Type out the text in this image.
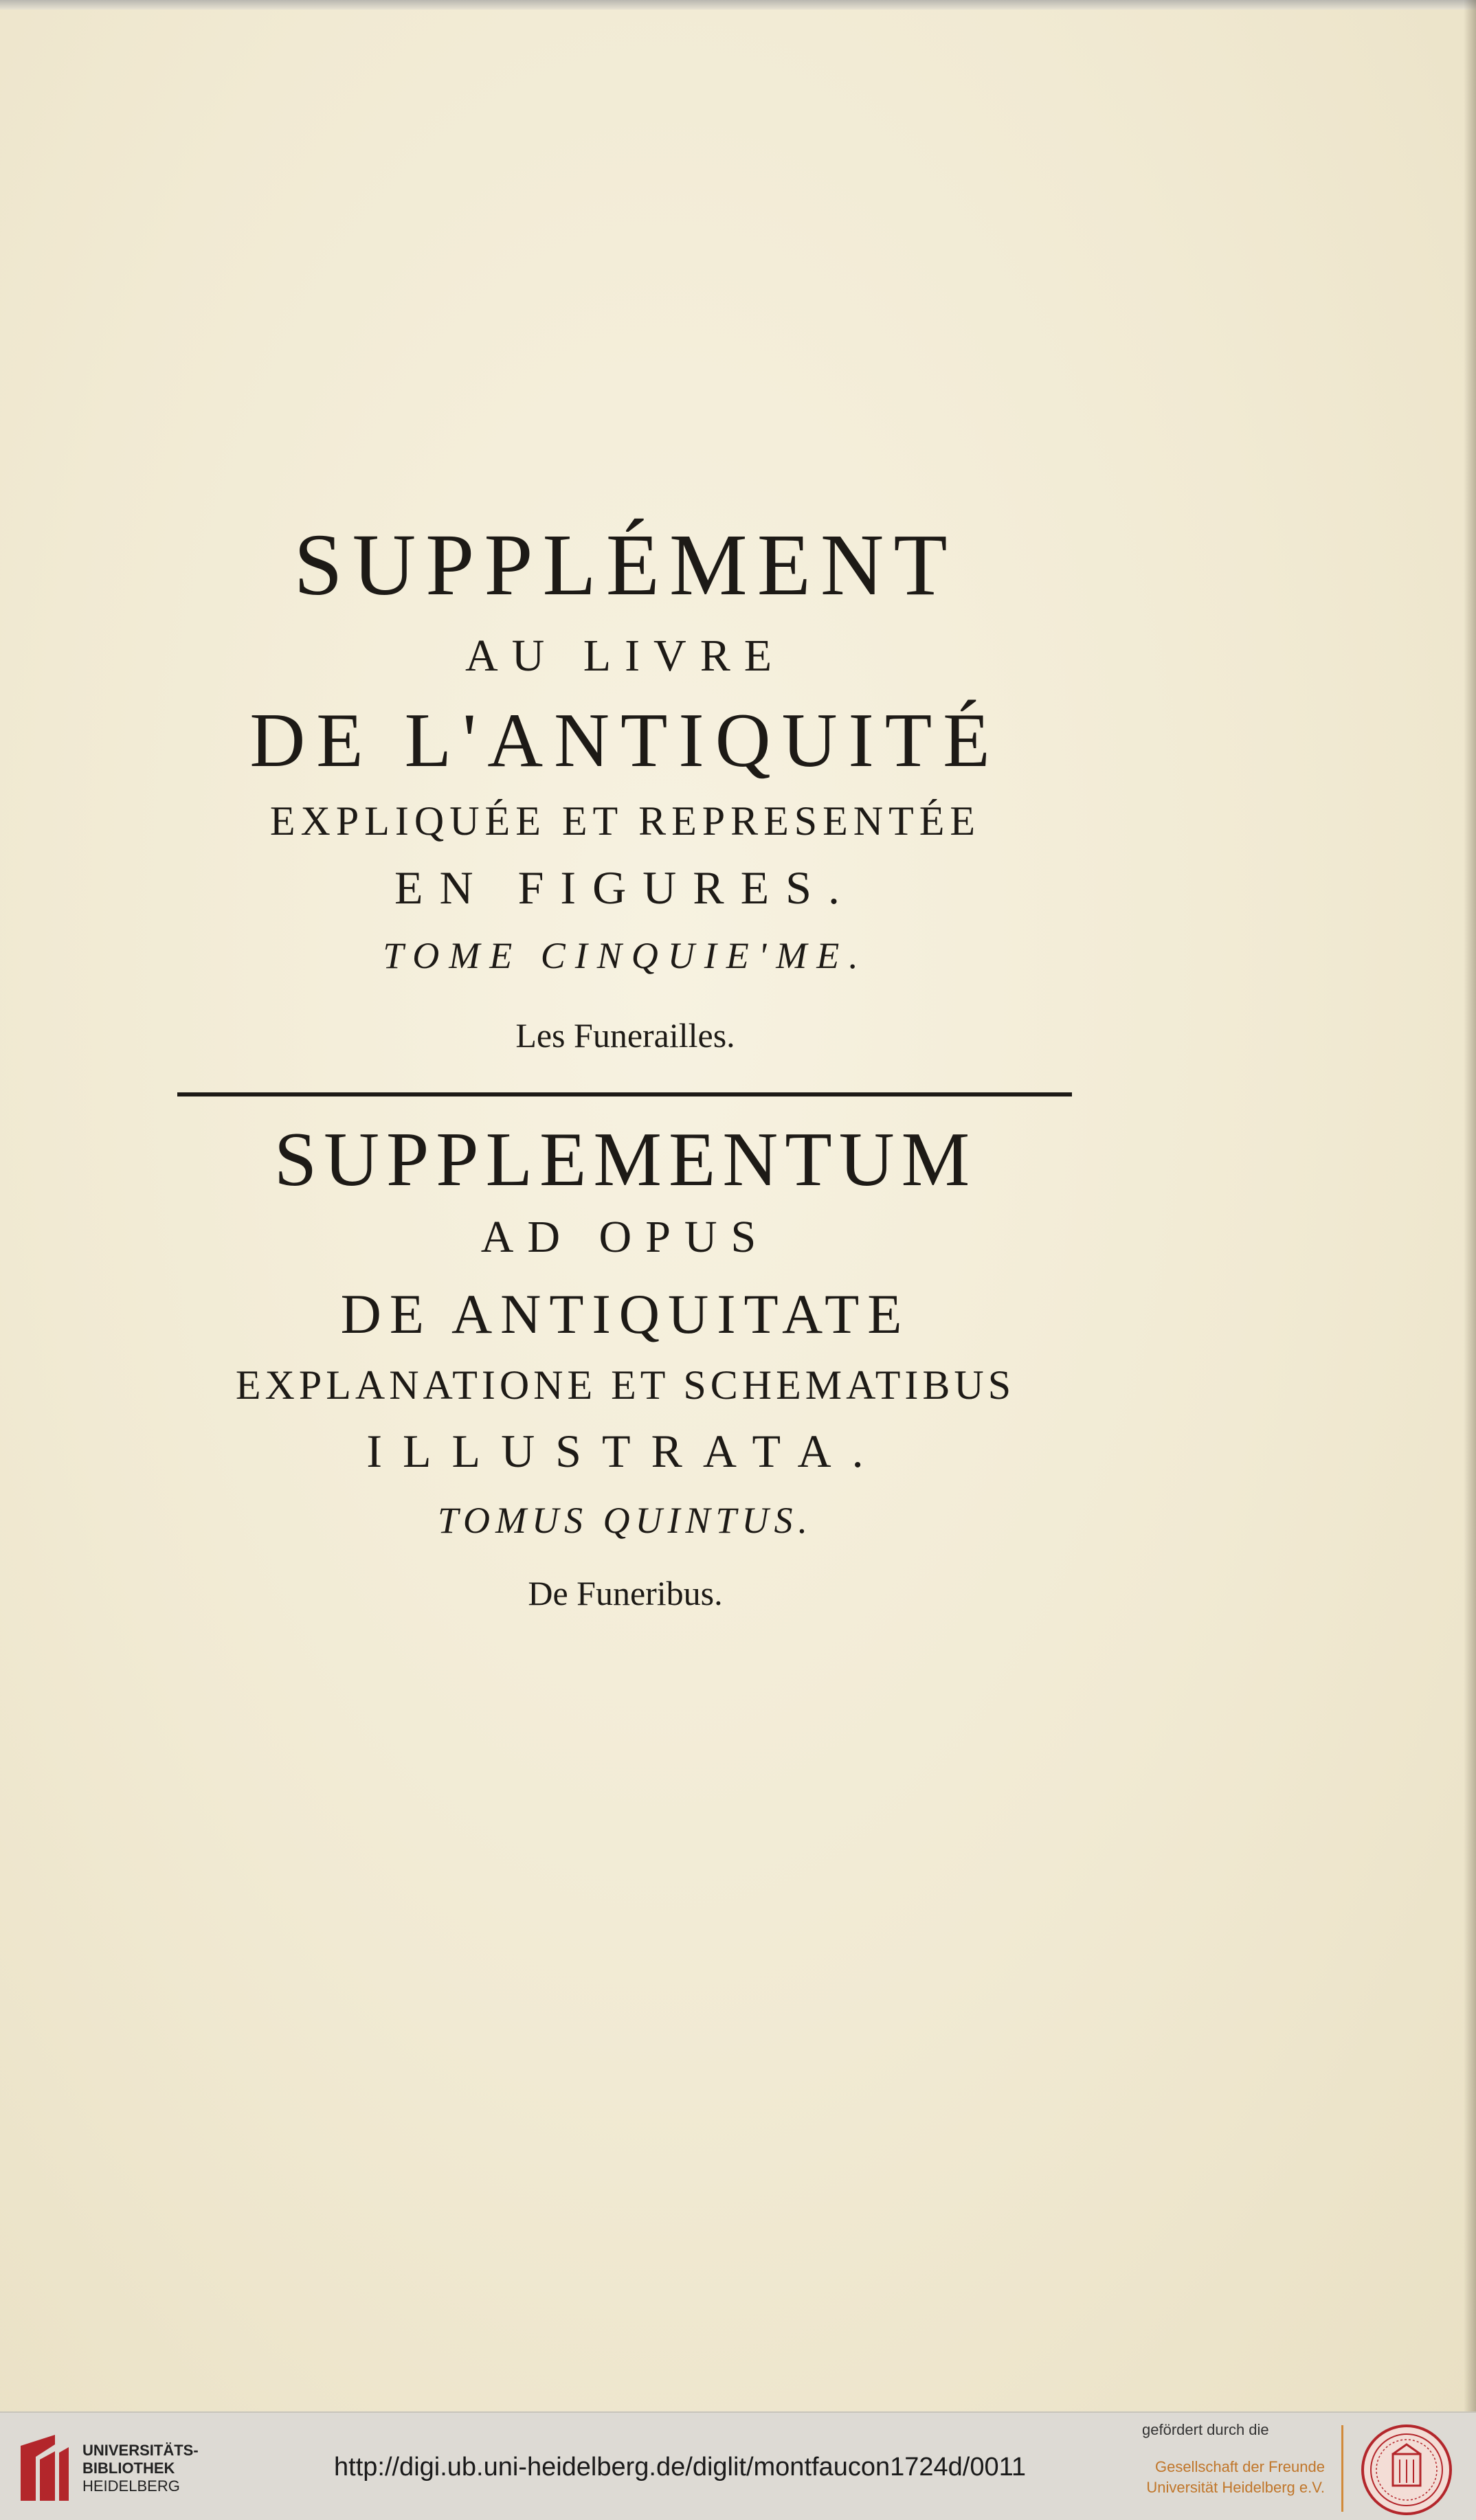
SUPPLÉMENT
AU LIVRE
DE L'ANTIQUITÉ
EXPLIQUÉE ET REPRESENTÉE
EN FIGURES.
TOME CINQUIE'ME.
Les Funerailles.
SUPPLEMENTUM
AD OPUS
DE ANTIQUITATE
EXPLANATIONE ET SCHEMATIBUS
ILLUSTRATA.
TOMUS QUINTUS.
De Funeribus.
UNIVERSITÄTS-
BIBLIOTHEK
HEIDELBERG
http://digi.ub.uni-heidelberg.de/diglit/montfaucon1724d/0011
gefördert durch die
Gesellschaft der Freunde
Universität Heidelberg e.V.
